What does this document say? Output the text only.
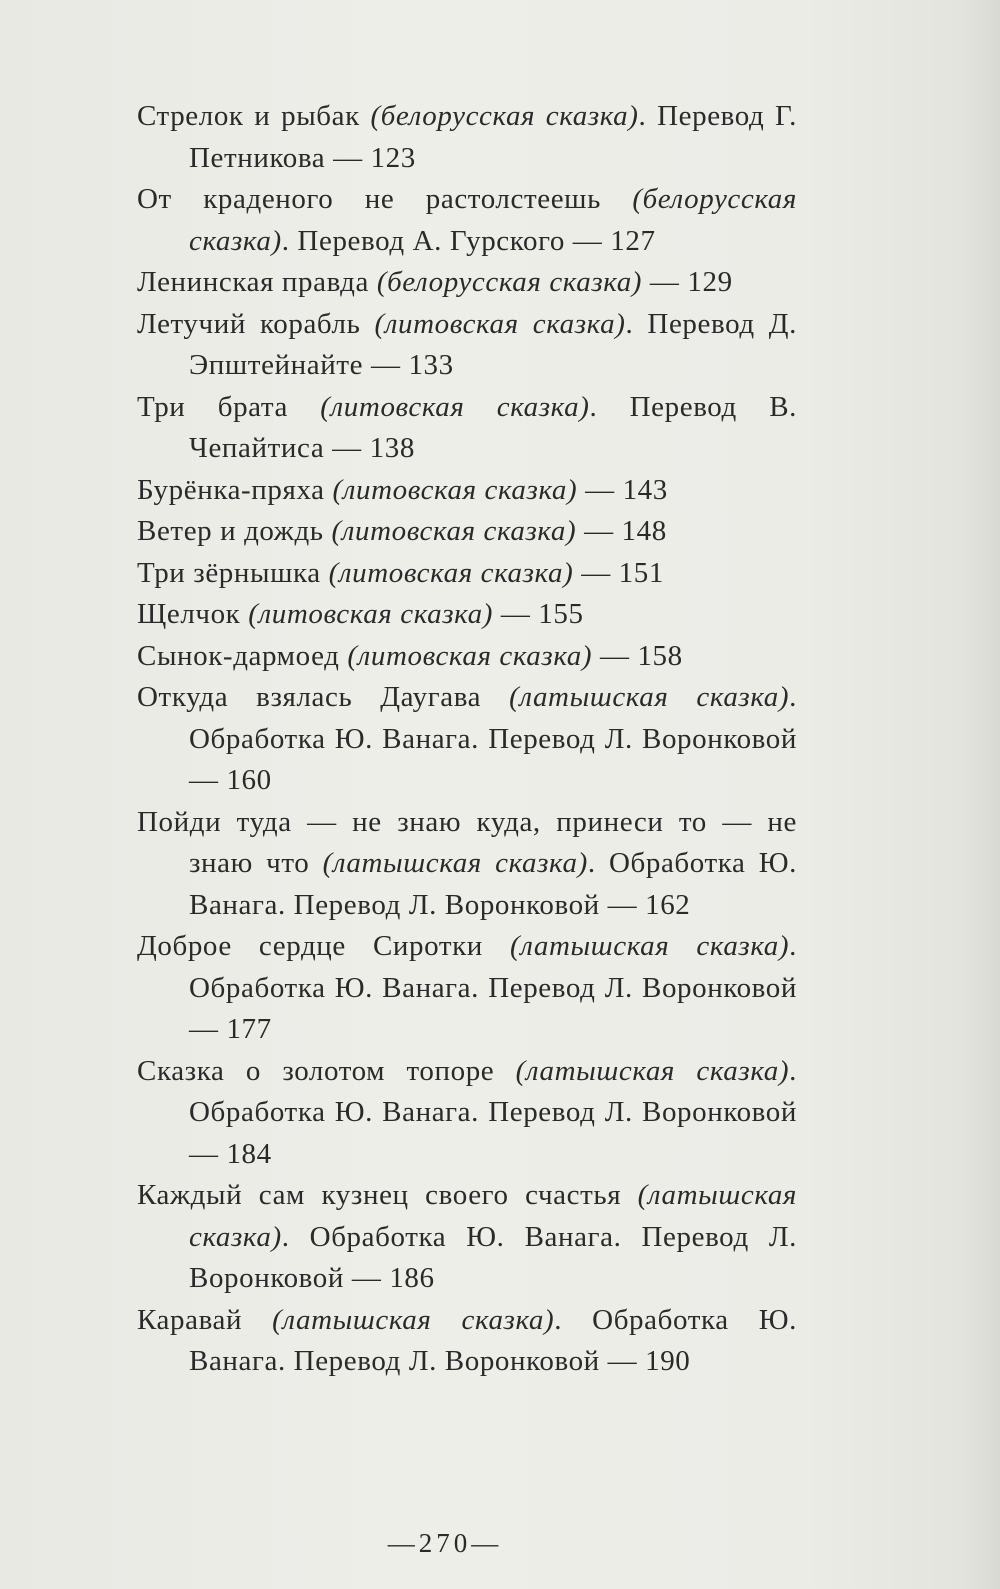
Стрелок и рыбак (белорусская сказка). Перевод Г. Петникова — 123

От краденого не растолстеешь (белорусская сказка). Перевод А. Гурского — 127

Ленинская правда (белорусская сказка) — 129

Летучий корабль (литовская сказка). Перевод Д. Эпштейнайте — 133

Три брата (литовская сказка). Перевод В. Чепайтиса — 138

Бурёнка-пряха (литовская сказка) — 143

Ветер и дождь (литовская сказка) — 148

Три зёрнышка (литовская сказка) — 151

Щелчок (литовская сказка) — 155

Сынок-дармоед (литовская сказка) — 158

Откуда взялась Даугава (латышская сказка). Обработка Ю. Ванага. Перевод Л. Воронковой — 160

Пойди туда — не знаю куда, принеси то — не знаю что (латышская сказка). Обработка Ю. Ванага. Перевод Л. Воронковой — 162

Доброе сердце Сиротки (латышская сказка). Обработка Ю. Ванага. Перевод Л. Воронковой — 177

Сказка о золотом топоре (латышская сказка). Обработка Ю. Ванага. Перевод Л. Воронковой — 184

Каждый сам кузнец своего счастья (латышская сказка). Обработка Ю. Ванага. Перевод Л. Воронковой — 186

Каравай (латышская сказка). Обработка Ю. Ванага. Перевод Л. Воронковой — 190

—270—
